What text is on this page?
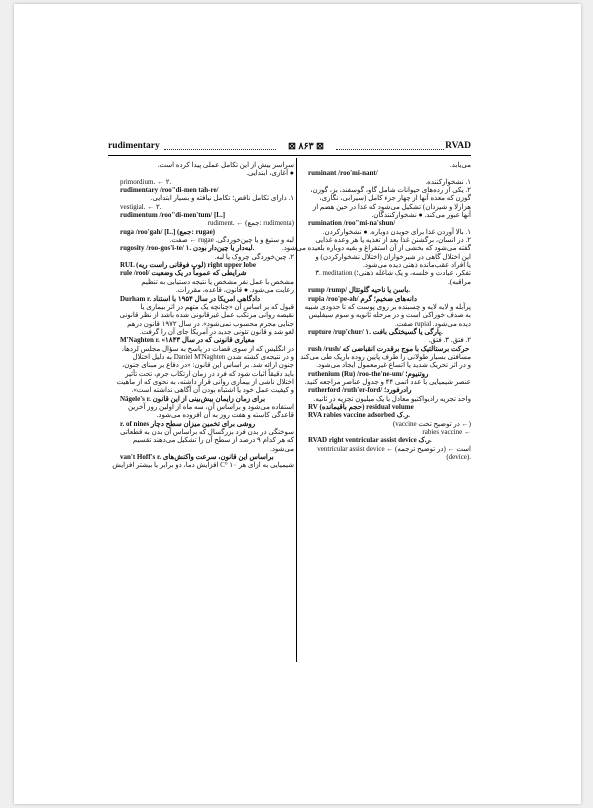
rudimentary	⊠ ۸۶۳ ⊠	RVAD
سراسر بیش از این تکامل عملی پیدا کرده است.
● آغازی، ابتدایی.
primordium. ← ۲.
rudimentary /roo"di-men tah-re/
۱. دارای تکامل ناقص؛ تکامل نیافته و بسیار ابتدایی.
vestigial. ← ۲.
rudimentum /roo"di-men'tum/ [L.]
rudiment. ← (جمع: rudimenta)
ruga /roo'gah/ [L.] (جمع: rugae)
لبه و ستیغ و یا چین‌خوردگی. rugae ← صفت.
rugosity /roo-gos'i-te/ ۱. لبه‌دار یا چین‌دار بودن.
۲. چین‌خوردگی چروک یا لبه.
RUL (لوب فوقانی راست ریه) right upper lobe
rule /rool/ شرایطی که عموماً در یک وضعیت
مشخص با عمل نفر مشخص یا نتیجه دستیابی به تنظیم
رعایت می‌شود. ● قانون، قاعده، مقررات.
Durham r. دادگاهی امریکا در سال ۱۹۵۴ با استناد
قبول که بر اساس آن «چنانچه یک متهم در اثر بیماری یا
نقیصه روانی مرتکب عمل غیرقانونی شده باشد از نظر قانونی
جنایی مجرم محسوب نمی‌شود». در سال ۱۹۷۲ قانون درهم
لغو شد و قانون تئونی جدید در آمریکا جای آن را گرفت.
M'Naghten r. «معیاری قانونی که در سال ۱۸۴۳
در انگلیس که از سوی قضات در پاسخ به سؤال مجلس لردها،
و در نتیجه‌ی کشته شدن Daniel M'Naghten به دلیل اختلال
جنون ارائه شد. بر اساس این قانون: «در دفاع بر مبنای جنون،
باید دقیقاً اثبات شود که فرد در زمان ارتکاب جرم، تحت تأثیر
اختلال ناشی از بیماری روانی قرار داشته، به نحوی که از ماهیت
و کیفیت عمل خود یا اشتباه بودن آن آگاهی نداشته است».
Nägele's r. برای زمان زایمان بیش‌بینی از این قانون
استفاده می‌شود و براساس آن، سه ماه از اولین روز آخرین
قاعدگی کاسته و هفت روز به آن افزوده می‌شود.
r. of nines روشی برای تخمین میزان سطح دچار
سوختگی در بدن فرد بزرگسال که براساس آن بدن به قطعاتی
که هر کدام ۹ درصد از سطح آن را تشکیل می‌دهند تقسیم
می‌شود.
van't Hoff's r. براساس این قانون، سرعت واکنش‌های
شیمیایی به ازای هر ۱۰ °C افزایش دما، دو برابر یا بیشتر افزایش
می‌یابد.
ruminant /roo'mi-nant/
۱. نشخوارکننده.
۲. یکی از رده‌های حیوانات شامل گاو، گوسفند، بز، گوزن،
گوزن که معده آنها از چهار جزء کامل (سیرابی، نگاری،
هزارلا و شیردان) تشکیل می‌شود که غذا در حین هضم از
آنها عبور می‌کند. ● نشخوارکنندگان.
rumination /roo"mi-na'shun/
۱. بالا آوردن غذا برای جویدن دوباره. ● نشخوارکردن.
۲. در انسان، برگشتن غذا بعد از تغذیه یا هر وعده غذایی
گفته می‌شود که بخشی از آن استفراغ و بقیه دوباره بلعیده می‌شود.
این اختلال گاهی در شیرخواران (اختلال نشخوارکردن) و
یا افراد عقب‌مانده ذهنی دیده می‌شود.
۳. meditation (تفکر، عبادت و خلسه، و یک شاغله ذهنی؛
مراقبه).
rump /rump/ باسن یا ناحیه گلوتئال.
rupia /roo'pe-ah/ دانه‌های ضخیم؛ گرم
پرآبله و لایه لایه و چسبنده بر روی پوست که تا حدودی شبیه
به صدف خوراکی است و در مرحله ثانویه و سوم سیفلیس
دیده می‌شود. rupial صفت.
rupture /rup'chur/ ۱. پارگی یا گسیختگی بافت.
۲. فتق. ۳. فتق.
rush /rush/ حرکت برستالتیک با موج برقدرت انقباضی که
مسافتی بسیار طولانی را طرف پایین روده باریک طی می‌کند
و در اثر تحریک شدید یا اتساع غیرمعمول ایجاد می‌شود.
ruthenium (Ru) /roo-the'ne-um/ روتنیوم؛
عنصر شیمیایی با عدد اتمی ۴۴ و جدول عناصر مراجعه کنید.
rutherford /ruth'er-ford/ رادرفورد؛
واحد تجزیه رادیواکتیو معادل با یک میلیون تجزیه در ثانیه.
RV (حجم باقیمانده) residual volume
RVA rabies vaccine adsorbed ر.ک.
(vaccine در توضیح تحت ←)
rabies vaccine ←
RVAD right ventricular assist device ر.ک.
ventricular assist device ← (در توضیح ترجمه) ← است
(device).
